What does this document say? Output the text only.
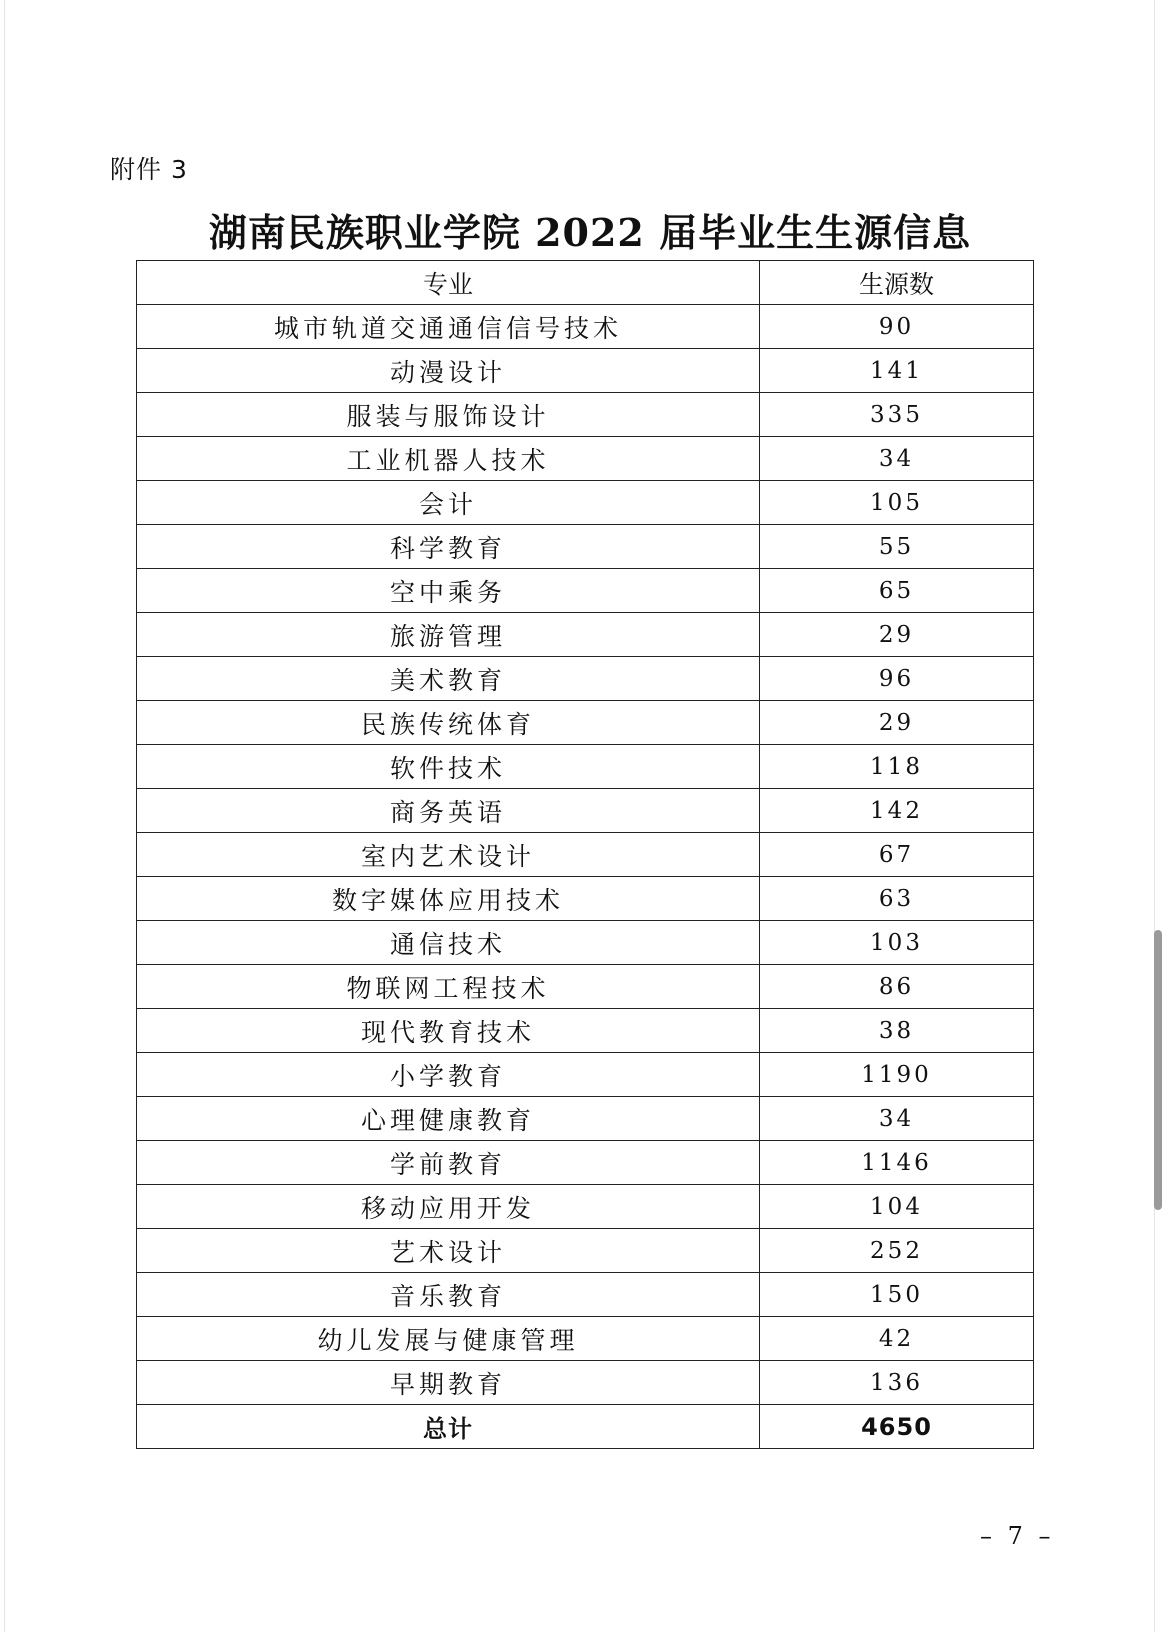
附件 3
湖南民族职业学院 2022 届毕业生生源信息
专业	生源数
城市轨道交通通信信号技术	90
动漫设计	141
服装与服饰设计	335
工业机器人技术	34
会计	105
科学教育	55
空中乘务	65
旅游管理	29
美术教育	96
民族传统体育	29
软件技术	118
商务英语	142
室内艺术设计	67
数字媒体应用技术	63
通信技术	103
物联网工程技术	86
现代教育技术	38
小学教育	1190
心理健康教育	34
学前教育	1146
移动应用开发	104
艺术设计	252
音乐教育	150
幼儿发展与健康管理	42
早期教育	136
总计	4650
– 7 –
